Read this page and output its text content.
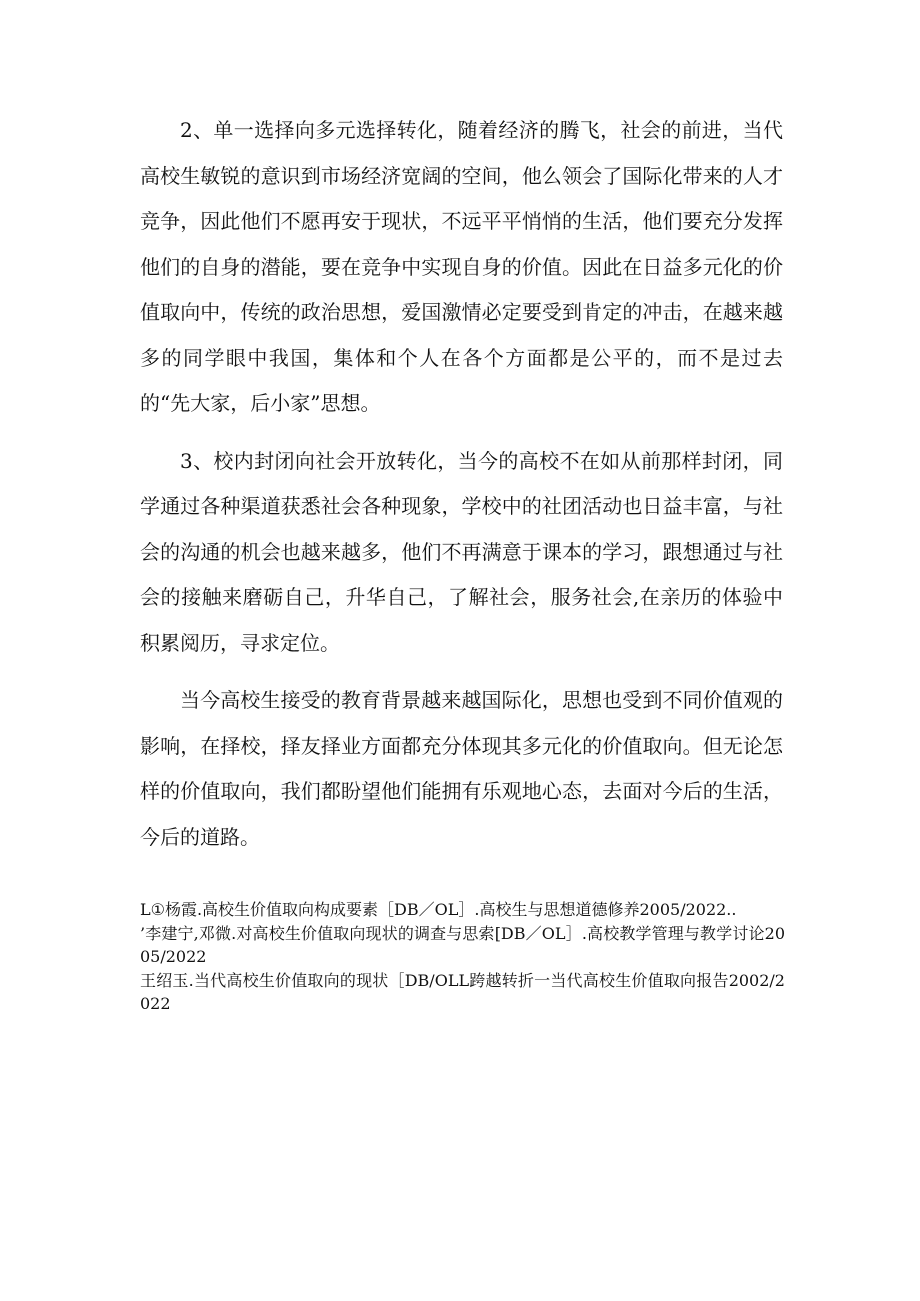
2、单一选择向多元选择转化，随着经济的腾飞，社会的前进，当代高校生敏锐的意识到市场经济宽阔的空间，他么领会了国际化带来的人才竞争，因此他们不愿再安于现状，不远平平悄悄的生活，他们要充分发挥他们的自身的潜能，要在竞争中实现自身的价值。因此在日益多元化的价值取向中，传统的政治思想，爱国激情必定要受到肯定的冲击，在越来越多的同学眼中我国，集体和个人在各个方面都是公平的，而不是过去的“先大家，后小家”思想。

3、校内封闭向社会开放转化，当今的高校不在如从前那样封闭，同学通过各种渠道获悉社会各种现象，学校中的社团活动也日益丰富，与社会的沟通的机会也越来越多，他们不再满意于课本的学习，跟想通过与社会的接触来磨砺自己，升华自己，了解社会，服务社会,在亲历的体验中积累阅历，寻求定位。

当今高校生接受的教育背景越来越国际化，思想也受到不同价值观的影响，在择校，择友择业方面都充分体现其多元化的价值取向。但无论怎样的价值取向，我们都盼望他们能拥有乐观地心态，去面对今后的生活，今后的道路。

L①杨霞.高校生价值取向构成要素［DB／OL］.高校生与思想道德修养2005/2022..

’李建宁,邓微.对高校生价值取向现状的调查与思索[DB／OL］.高校教学管理与教学讨论2005/2022

王绍玉.当代高校生价值取向的现状［DB/OLL跨越转折一当代高校生价值取向报告2002/2022
